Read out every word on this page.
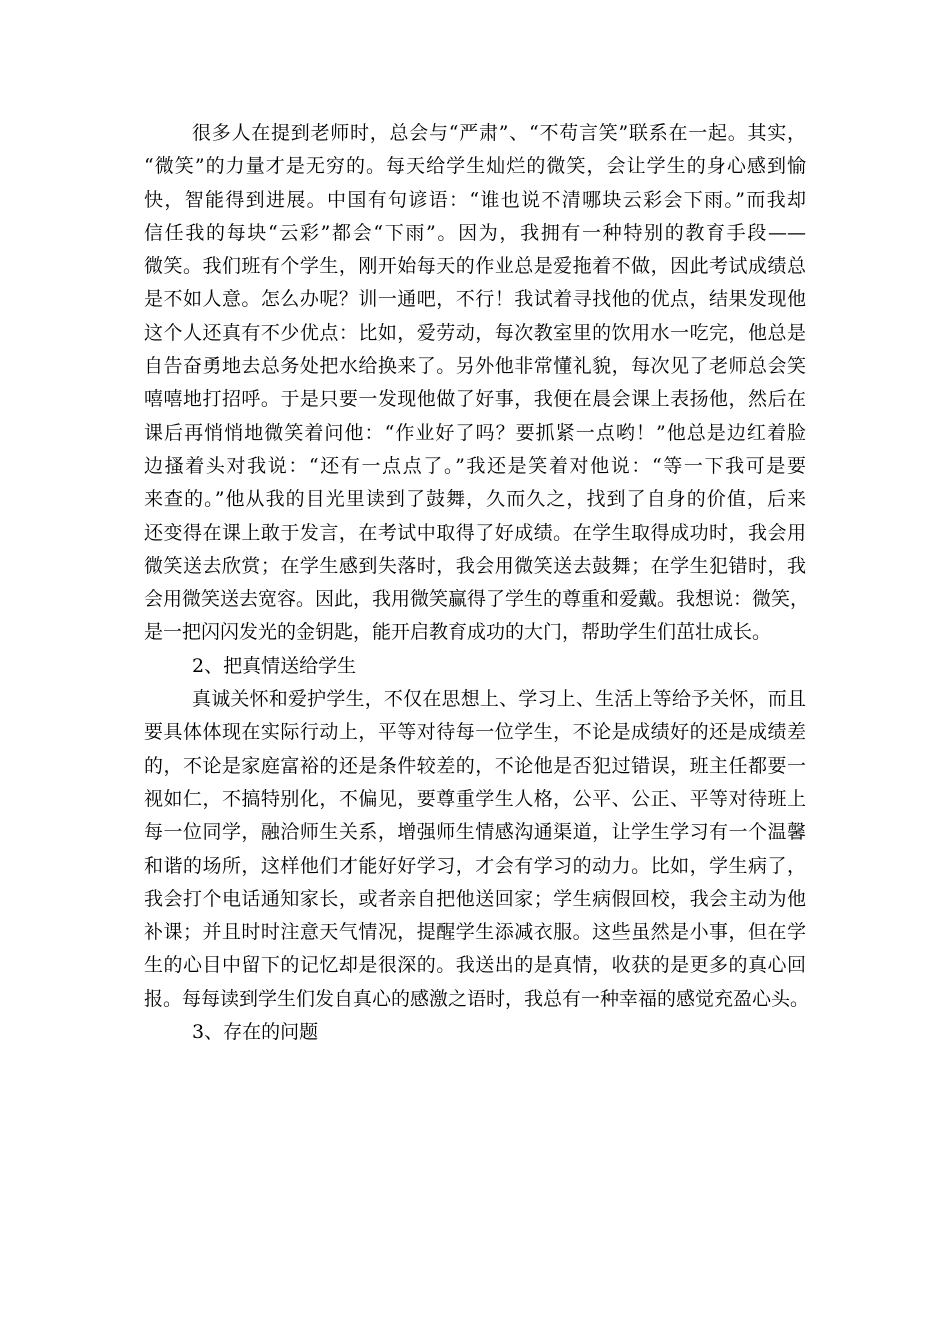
很多人在提到老师时，总会与“严肃”、“不苟言笑”联系在一起。其实，
“微笑”的力量才是无穷的。每天给学生灿烂的微笑，会让学生的身心感到愉
快，智能得到进展。中国有句谚语：“谁也说不清哪块云彩会下雨。”而我却
信任我的每块“云彩”都会“下雨”。因为，我拥有一种特别的教育手段——
微笑。我们班有个学生，刚开始每天的作业总是爱拖着不做，因此考试成绩总
是不如人意。怎么办呢？训一通吧，不行！我试着寻找他的优点，结果发现他
这个人还真有不少优点：比如，爱劳动，每次教室里的饮用水一吃完，他总是
自告奋勇地去总务处把水给换来了。另外他非常懂礼貌，每次见了老师总会笑
嘻嘻地打招呼。于是只要一发现他做了好事，我便在晨会课上表扬他，然后在
课后再悄悄地微笑着问他：“作业好了吗？要抓紧一点哟！”他总是边红着脸
边搔着头对我说：“还有一点点了。”我还是笑着对他说：“等一下我可是要
来查的。”他从我的目光里读到了鼓舞，久而久之，找到了自身的价值，后来
还变得在课上敢于发言，在考试中取得了好成绩。在学生取得成功时，我会用
微笑送去欣赏；在学生感到失落时，我会用微笑送去鼓舞；在学生犯错时，我
会用微笑送去宽容。因此，我用微笑赢得了学生的尊重和爱戴。我想说：微笑，
是一把闪闪发光的金钥匙，能开启教育成功的大门，帮助学生们茁壮成长。
2、把真情送给学生
真诚关怀和爱护学生，不仅在思想上、学习上、生活上等给予关怀，而且
要具体体现在实际行动上，平等对待每一位学生，不论是成绩好的还是成绩差
的，不论是家庭富裕的还是条件较差的，不论他是否犯过错误，班主任都要一
视如仁，不搞特别化，不偏见，要尊重学生人格，公平、公正、平等对待班上
每一位同学，融洽师生关系，增强师生情感沟通渠道，让学生学习有一个温馨
和谐的场所，这样他们才能好好学习，才会有学习的动力。比如，学生病了，
我会打个电话通知家长，或者亲自把他送回家；学生病假回校，我会主动为他
补课；并且时时注意天气情况，提醒学生添减衣服。这些虽然是小事，但在学
生的心目中留下的记忆却是很深的。我送出的是真情，收获的是更多的真心回
报。每每读到学生们发自真心的感激之语时，我总有一种幸福的感觉充盈心头。
3、存在的问题
